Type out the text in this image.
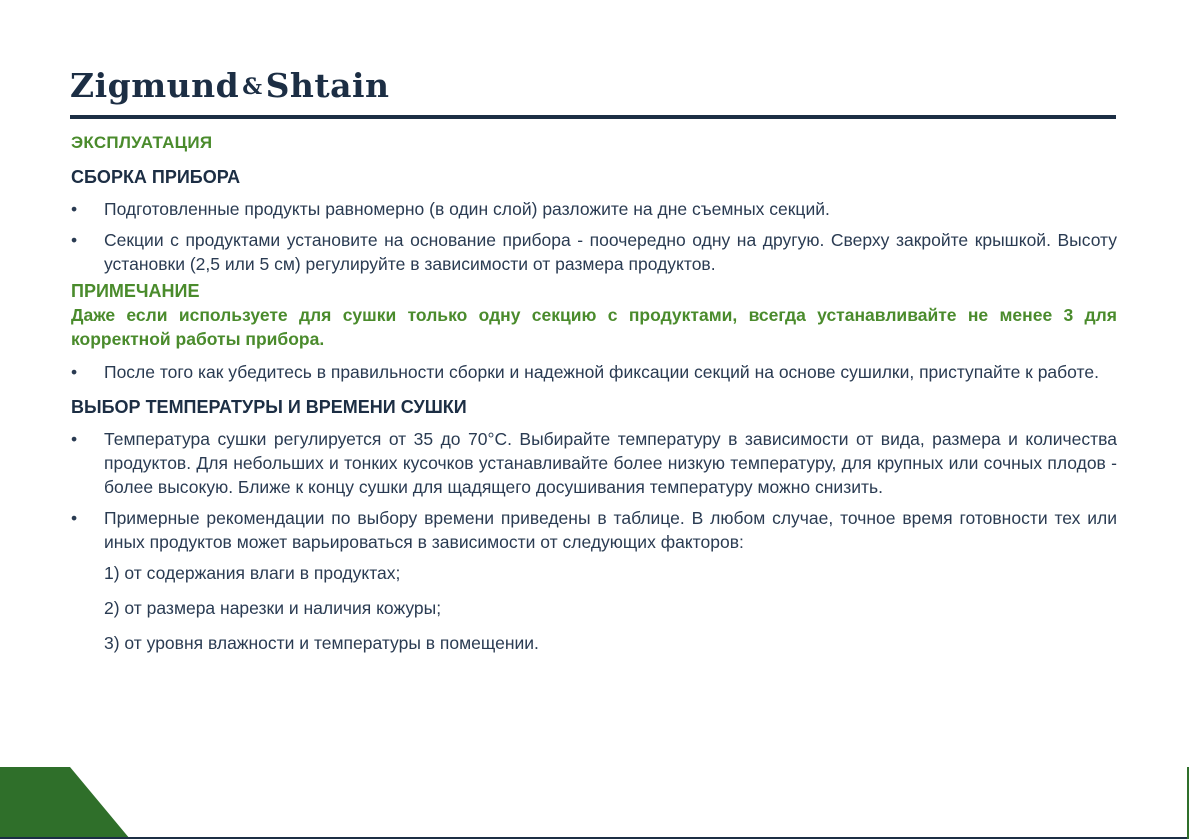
Zigmund &Shtain
ЭКСПЛУАТАЦИЯ
СБОРКА ПРИБОРА
•	Подготовленные продукты равномерно (в один слой) разложите на дне съемных секций.
•	Секции с продуктами установите на основание прибора - поочередно одну на другую. Сверху закройте крышкой. Высоту установки (2,5 или 5 см) регулируйте в зависимости от размера продуктов.
ПРИМЕЧАНИЕ
Даже если используете для сушки только одну секцию с продуктами, всегда устанавливайте не менее 3 для корректной работы прибора.
•	После того как убедитесь в правильности сборки и надежной фиксации секций на основе сушилки, приступайте к работе.
ВЫБОР ТЕМПЕРАТУРЫ И ВРЕМЕНИ СУШКИ
•	Температура сушки регулируется от 35 до 70°С. Выбирайте температуру в зависимости от вида, размера и количества продуктов. Для небольших и тонких кусочков устанавливайте более низкую температуру, для крупных или сочных плодов - более высокую. Ближе к концу сушки для щадящего досушивания температуру можно снизить.
•	Примерные рекомендации по выбору времени приведены в таблице. В любом случае, точное время готовности тех или иных продуктов может варьироваться в зависимости от следующих факторов:
1) от содержания влаги в продуктах;
2) от размера нарезки и наличия кожуры;
3) от уровня влажности и температуры в помещении.
